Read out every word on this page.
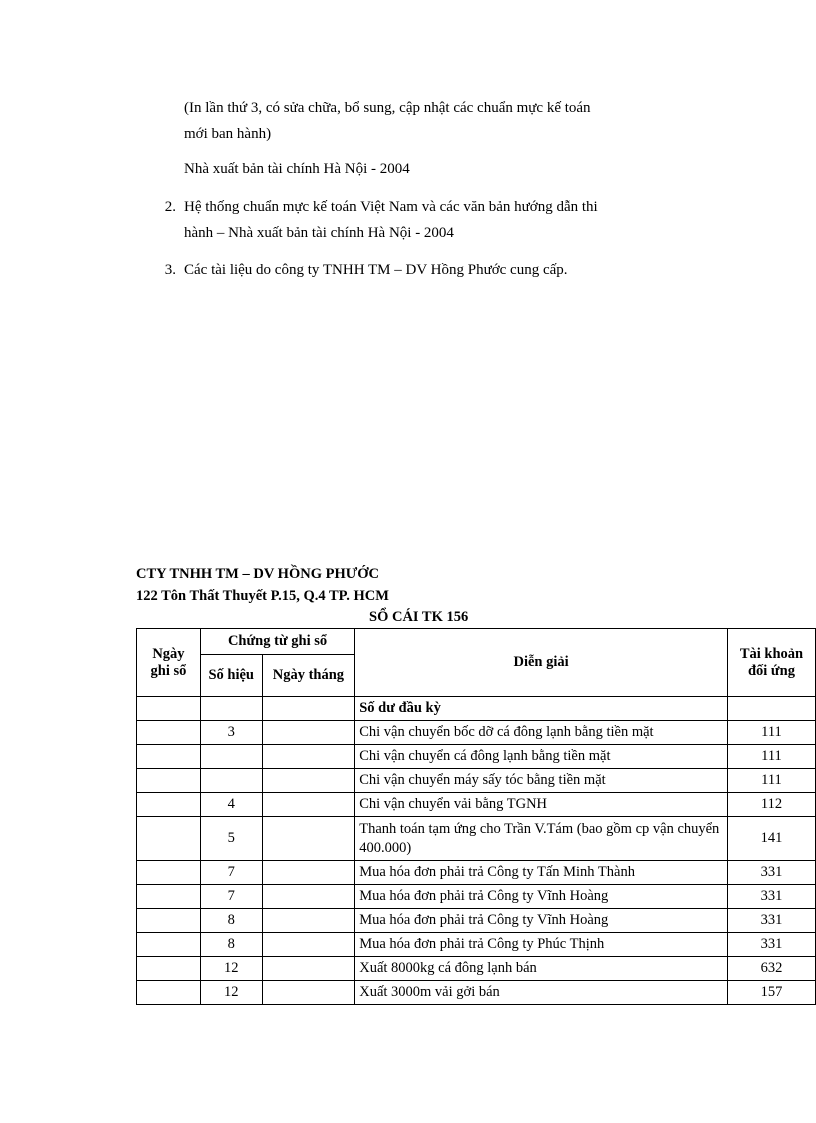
(In lần thứ 3, có sửa chữa, bổ sung, cập nhật các chuẩn mực kế toán

mới ban hành)

Nhà xuất bản tài chính Hà Nội - 2004

2. Hệ thống chuẩn mực kế toán Việt Nam và các văn bản hướng dẫn thi

hành – Nhà xuất bản tài chính Hà Nội - 2004

3. Các tài liệu do công ty TNHH TM – DV Hồng Phước cung cấp.

CTY TNHH TM – DV HỒNG PHƯỚC
122 Tôn Thất Thuyết P.15, Q.4 TP. HCM
SỔ CÁI TK 156
Ngày ghi sổ	Chứng từ ghi sổ		Diễn giải	Tài khoản đối ứng
	Số hiệu	Ngày tháng		
			Số dư đầu kỳ	
	3		Chi vận chuyển bốc dỡ cá đông lạnh bằng tiền mặt	111
			Chi vận chuyển cá đông lạnh bằng tiền mặt	111
			Chi vận chuyển máy sấy tóc bằng tiền mặt	111
	4		Chi vận chuyển vải bằng TGNH	112
	5		Thanh toán tạm ứng cho Trần V.Tám (bao gồm cp vận chuyển 400.000)	141
	7		Mua hóa đơn phải trả Công ty Tấn Minh Thành	331
	7		Mua hóa đơn phải trả Công ty Vĩnh Hoàng	331
	8		Mua hóa đơn phải trả Công ty Vĩnh Hoàng	331
	8		Mua hóa đơn phải trả Công ty Phúc Thịnh	331
	12		Xuất 8000kg cá đông lạnh bán	632
	12		Xuất 3000m vải gởi bán	157
